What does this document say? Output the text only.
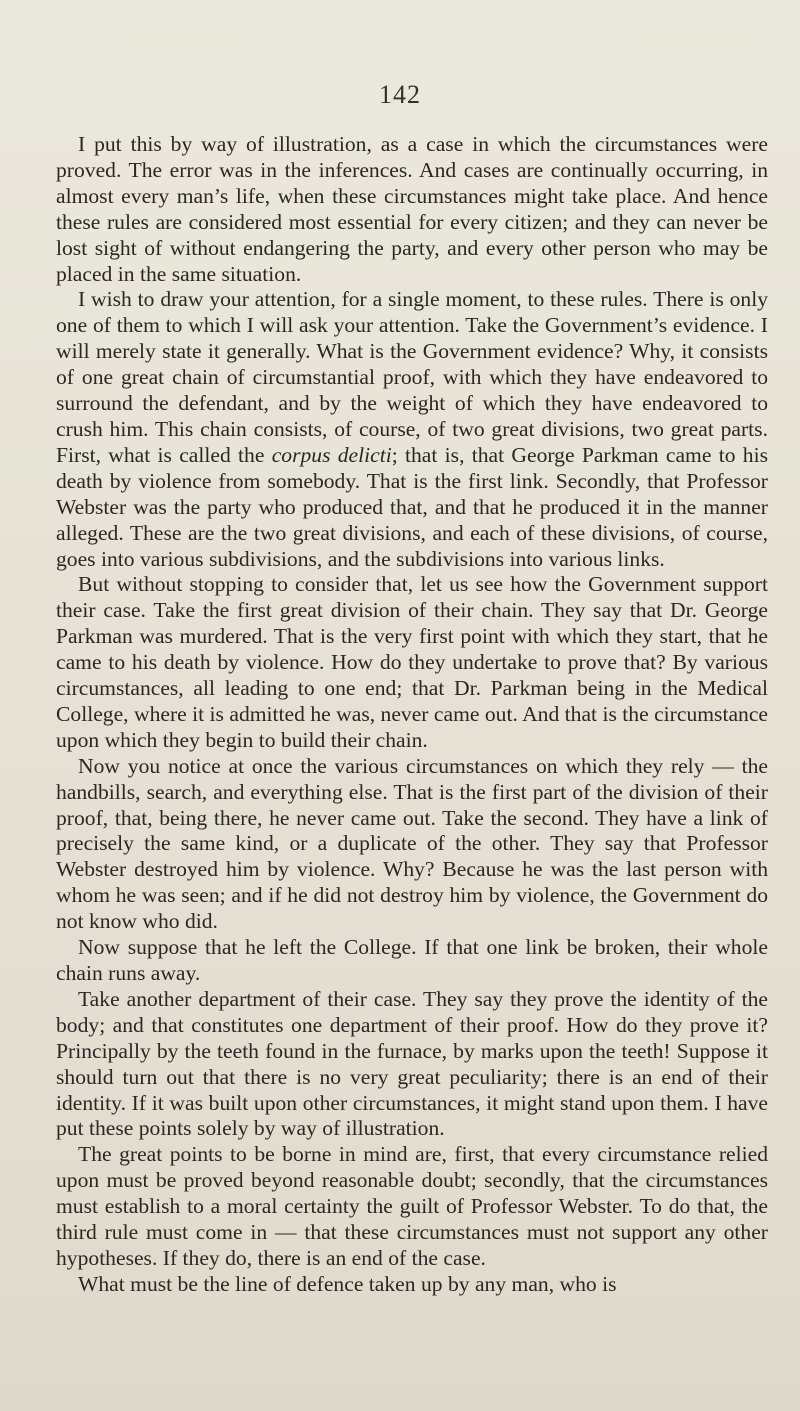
142

I put this by way of illustration, as a case in which the circumstances were proved. The error was in the inferences. And cases are continually occurring, in almost every man’s life, when these circumstances might take place. And hence these rules are considered most essential for every citizen; and they can never be lost sight of without endangering the party, and every other person who may be placed in the same situation.

I wish to draw your attention, for a single moment, to these rules. There is only one of them to which I will ask your attention. Take the Government’s evidence. I will merely state it generally. What is the Government evidence? Why, it consists of one great chain of circumstantial proof, with which they have endeavored to surround the defendant, and by the weight of which they have endeavored to crush him. This chain consists, of course, of two great divisions, two great parts. First, what is called the corpus delicti; that is, that George Parkman came to his death by violence from somebody. That is the first link. Secondly, that Professor Webster was the party who produced that, and that he produced it in the manner alleged. These are the two great divisions, and each of these divisions, of course, goes into various subdivisions, and the subdivisions into various links.

But without stopping to consider that, let us see how the Government support their case. Take the first great division of their chain. They say that Dr. George Parkman was murdered. That is the very first point with which they start, that he came to his death by violence. How do they undertake to prove that? By various circumstances, all leading to one end; that Dr. Parkman being in the Medical College, where it is admitted he was, never came out. And that is the circumstance upon which they begin to build their chain.

Now you notice at once the various circumstances on which they rely — the handbills, search, and everything else. That is the first part of the division of their proof, that, being there, he never came out. Take the second. They have a link of precisely the same kind, or a duplicate of the other. They say that Professor Webster destroyed him by violence. Why? Because he was the last person with whom he was seen; and if he did not destroy him by violence, the Government do not know who did.

Now suppose that he left the College. If that one link be broken, their whole chain runs away.

Take another department of their case. They say they prove the identity of the body; and that constitutes one department of their proof. How do they prove it? Principally by the teeth found in the furnace, by marks upon the teeth! Suppose it should turn out that there is no very great peculiarity; there is an end of their identity. If it was built upon other circumstances, it might stand upon them. I have put these points solely by way of illustration.

The great points to be borne in mind are, first, that every circumstance relied upon must be proved beyond reasonable doubt; secondly, that the circumstances must establish to a moral certainty the guilt of Professor Webster. To do that, the third rule must come in — that these circumstances must not support any other hypotheses. If they do, there is an end of the case.

What must be the line of defence taken up by any man, who is
